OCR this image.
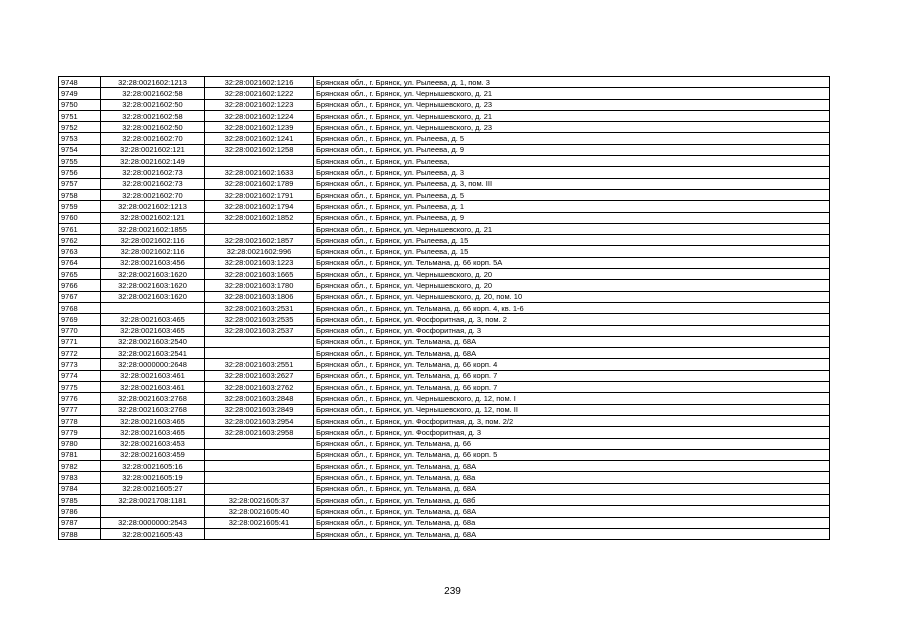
9748	32:28:0021602:1213	32:28:0021602:1216	Брянская обл., г. Брянск, ул. Рылеева, д. 1, пом. 3
9749	32:28:0021602:58	32:28:0021602:1222	Брянская обл., г. Брянск, ул. Чернышевского, д. 21
9750	32:28:0021602:50	32:28:0021602:1223	Брянская обл., г. Брянск, ул. Чернышевского, д. 23
9751	32:28:0021602:58	32:28:0021602:1224	Брянская обл., г. Брянск, ул. Чернышевского, д. 21
9752	32:28:0021602:50	32:28:0021602:1239	Брянская обл., г. Брянск, ул. Чернышевского, д. 23
9753	32:28:0021602:70	32:28:0021602:1241	Брянская обл., г. Брянск, ул. Рылеева, д. 5
9754	32:28:0021602:121	32:28:0021602:1258	Брянская обл., г. Брянск, ул. Рылеева, д. 9
9755	32:28:0021602:149		Брянская обл., г. Брянск, ул. Рылеева,
9756	32:28:0021602:73	32:28:0021602:1633	Брянская обл., г. Брянск, ул. Рылеева, д. 3
9757	32:28:0021602:73	32:28:0021602:1789	Брянская обл., г. Брянск, ул. Рылеева, д. 3, пом. III
9758	32:28:0021602:70	32:28:0021602:1791	Брянская обл., г. Брянск, ул. Рылеева, д. 5
9759	32:28:0021602:1213	32:28:0021602:1794	Брянская обл., г. Брянск, ул. Рылеева, д. 1
9760	32:28:0021602:121	32:28:0021602:1852	Брянская обл., г. Брянск, ул. Рылеева, д. 9
9761	32:28:0021602:1855		Брянская обл., г. Брянск, ул. Чернышевского, д. 21
9762	32:28:0021602:116	32:28:0021602:1857	Брянская обл., г. Брянск, ул. Рылеева, д. 15
9763	32:28:0021602:116	32:28:0021602:996	Брянская обл., г. Брянск, ул. Рылеева, д. 15
9764	32:28:0021603:456	32:28:0021603:1223	Брянская обл., г. Брянск, ул. Тельмана, д. 66 корп. 5А
9765	32:28:0021603:1620	32:28:0021603:1665	Брянская обл., г. Брянск, ул. Чернышевского, д. 20
9766	32:28:0021603:1620	32:28:0021603:1780	Брянская обл., г. Брянск, ул. Чернышевского, д. 20
9767	32:28:0021603:1620	32:28:0021603:1806	Брянская обл., г. Брянск, ул. Чернышевского, д. 20, пом. 10
9768		32:28:0021603:2531	Брянская обл., г. Брянск, ул. Тельмана, д. 66 корп. 4, кв. 1-6
9769	32:28:0021603:465	32:28:0021603:2535	Брянская обл., г. Брянск, ул. Фосфоритная, д. 3, пом. 2
9770	32:28:0021603:465	32:28:0021603:2537	Брянская обл., г. Брянск, ул. Фосфоритная, д. 3
9771	32:28:0021603:2540		Брянская обл., г. Брянск, ул. Тельмана, д. 68А
9772	32:28:0021603:2541		Брянская обл., г. Брянск, ул. Тельмана, д. 68А
9773	32:28:0000000:2648	32:28:0021603:2551	Брянская обл., г. Брянск, ул. Тельмана, д. 66 корп. 4
9774	32:28:0021603:461	32:28:0021603:2627	Брянская обл., г. Брянск, ул. Тельмана, д. 66 корп. 7
9775	32:28:0021603:461	32:28:0021603:2762	Брянская обл., г. Брянск, ул. Тельмана, д. 66 корп. 7
9776	32:28:0021603:2768	32:28:0021603:2848	Брянская обл., г. Брянск, ул. Чернышевского, д. 12, пом. I
9777	32:28:0021603:2768	32:28:0021603:2849	Брянская обл., г. Брянск, ул. Чернышевского, д. 12, пом. II
9778	32:28:0021603:465	32:28:0021603:2954	Брянская обл., г. Брянск, ул. Фосфоритная, д. 3, пом. 2/2
9779	32:28:0021603:465	32:28:0021603:2958	Брянская обл., г. Брянск, ул. Фосфоритная, д. 3
9780	32:28:0021603:453		Брянская обл., г. Брянск, ул. Тельмана, д. 66
9781	32:28:0021603:459		Брянская обл., г. Брянск, ул. Тельмана, д. 66 корп. 5
9782	32:28:0021605:16		Брянская обл., г. Брянск, ул. Тельмана, д. 68А
9783	32:28:0021605:19		Брянская обл., г. Брянск, ул. Тельмана, д. 68а
9784	32:28:0021605:27		Брянская обл., г. Брянск, ул. Тельмана, д. 68А
9785	32:28:0021708:1181	32:28:0021605:37	Брянская обл., г. Брянск, ул. Тельмана, д. 68б
9786		32:28:0021605:40	Брянская обл., г. Брянск, ул. Тельмана, д. 68А
9787	32:28:0000000:2543	32:28:0021605:41	Брянская обл., г. Брянск, ул. Тельмана, д. 68а
9788	32:28:0021605:43		Брянская обл., г. Брянск, ул. Тельмана, д. 68А
239
